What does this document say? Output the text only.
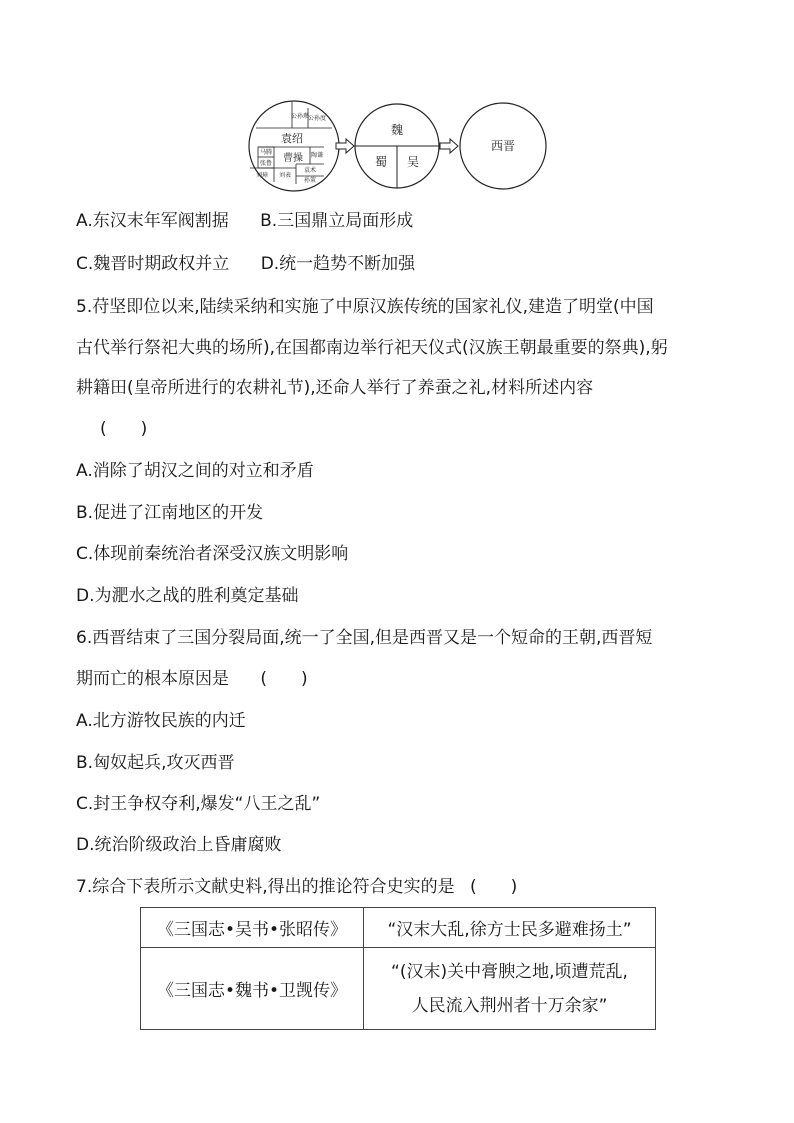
公孙瓒
公孙度
袁绍
马腾
张鲁 曹操 陶谦
刘璋 刘表
袁术
孙策
魏
蜀 吴
西晋
A.东汉末年军阀割据 B.三国鼎立局面形成
C.魏晋时期政权并立 D.统一趋势不断加强
5.苻坚即位以来,陆续采纳和实施了中原汉族传统的国家礼仪,建造了明堂(中国
古代举行祭祀大典的场所),在国都南边举行祀天仪式(汉族王朝最重要的祭典),躬
耕籍田(皇帝所进行的农耕礼节),还命人举行了养蚕之礼,材料所述内容
(　　)
A.消除了胡汉之间的对立和矛盾
B.促进了江南地区的开发
C.体现前秦统治者深受汉族文明影响
D.为淝水之战的胜利奠定基础
6.西晋结束了三国分裂局面,统一了全国,但是西晋又是一个短命的王朝,西晋短
期而亡的根本原因是 (　　)
A.北方游牧民族的内迁
B.匈奴起兵,攻灭西晋
C.封王争权夺利,爆发“八王之乱”
D.统治阶级政治上昏庸腐败
7.综合下表所示文献史料,得出的推论符合史实的是 (　　)
《三国志•吴书•张昭传》	“汉末大乱,徐方士民多避难扬土”

《三国志•魏书•卫觊传》	“(汉末)关中膏腴之地,顷遭荒乱,
人民流入荆州者十万余家”
